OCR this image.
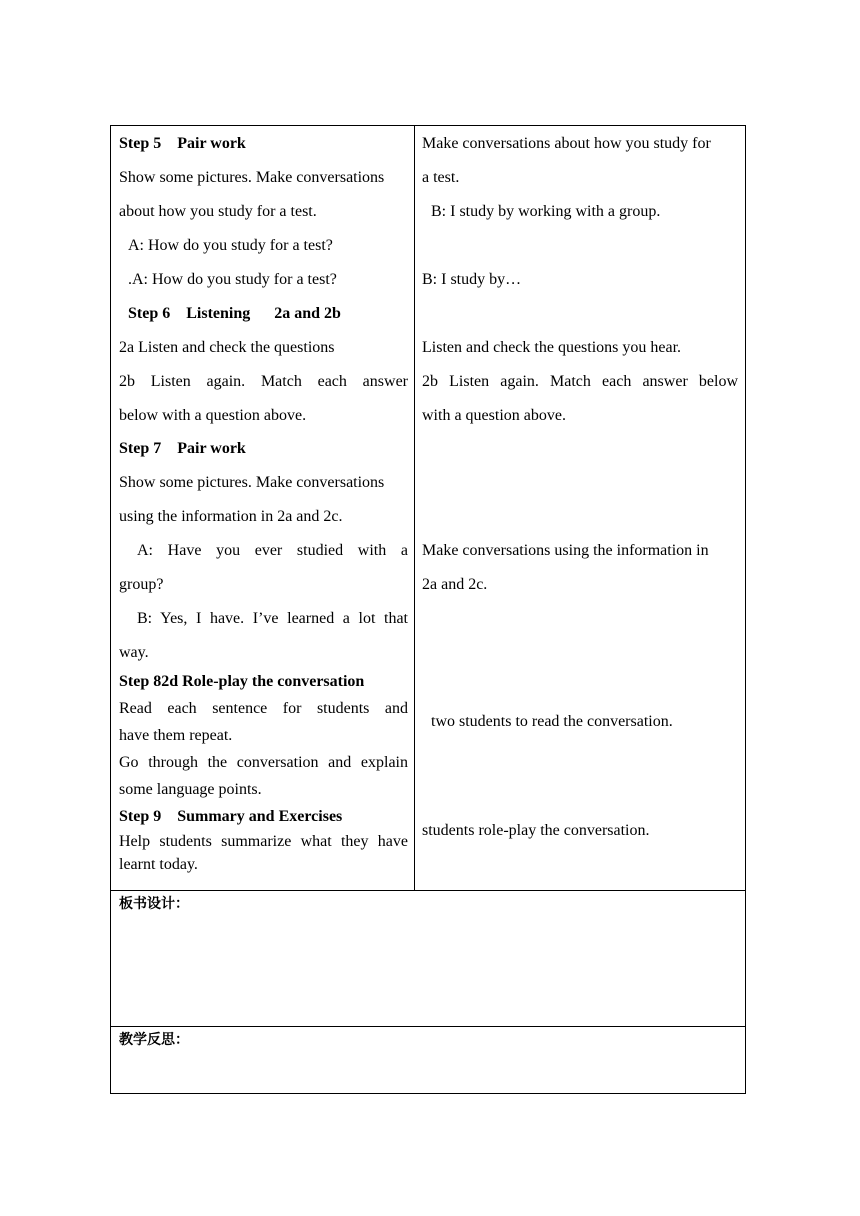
Step 5    Pair work
Show some pictures. Make conversations
about how you study for a test.
A: How do you study for a test?
.A: How do you study for a test?
Step 6    Listening      2a and 2b
2a Listen and check the questions
2b Listen again. Match each answer
below with a question above.
Step 7    Pair work
Show some pictures. Make conversations
using the information in 2a and 2c.
A: Have you ever studied with a
group?
B: Yes, I have. I’ve learned a lot that
way.
Step 82d Role-play the conversation
Read each sentence for students and
have them repeat.
Go through the conversation and explain
some language points.
Step 9    Summary and Exercises
Help students summarize what they have
learnt today.
Make conversations about how you study for
a test.
B: I study by working with a group.
B: I study by…
Listen and check the questions you hear.
2b Listen again. Match each answer below
with a question above.
Make conversations using the information in
2a and 2c.
two students to read the conversation.
students role-play the conversation.
板书设计：
教学反思：
